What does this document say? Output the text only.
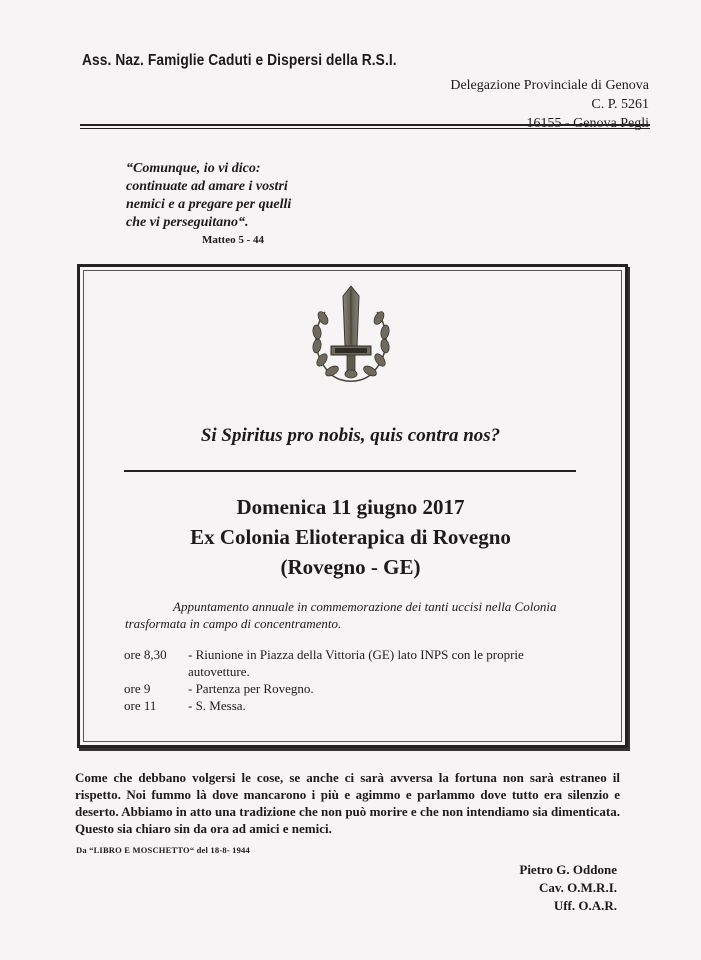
Ass. Naz. Famiglie Caduti e Dispersi della R.S.I.
Delegazione Provinciale di Genova
C. P. 5261
“Comunque, io vi dico:
continuate ad amare i vostri
nemici e a pregare per quelli
che vi perseguitano“.
Matteo 5 - 44
Si Spiritus pro nobis, quis contra nos?
Domenica 11 giugno 2017
Ex Colonia Elioterapica di Rovegno
(Rovegno - GE)
Appuntamento annuale in commemorazione dei tanti uccisi nella Colonia trasformata in campo di concentramento.
ore 8,30	- Riunione in Piazza della Vittoria (GE) lato INPS con le proprie autovetture.
ore 9	- Partenza per Rovegno.
ore 11	- S. Messa.
Come che debbano volgersi le cose, se anche ci sarà avversa la fortuna non sarà estraneo il rispetto. Noi fummo là dove mancarono i più e agimmo e parlammo dove tutto era silenzio e deserto. Abbiamo in atto una tradizione che non può morire e che non intendiamo sia dimenticata. Questo sia chiaro sin da ora ad amici e nemici.
Da “LIBRO E MOSCHETTO“ del 18-8- 1944
Pietro G. Oddone
Cav. O.M.R.I.
Uff. O.A.R.
